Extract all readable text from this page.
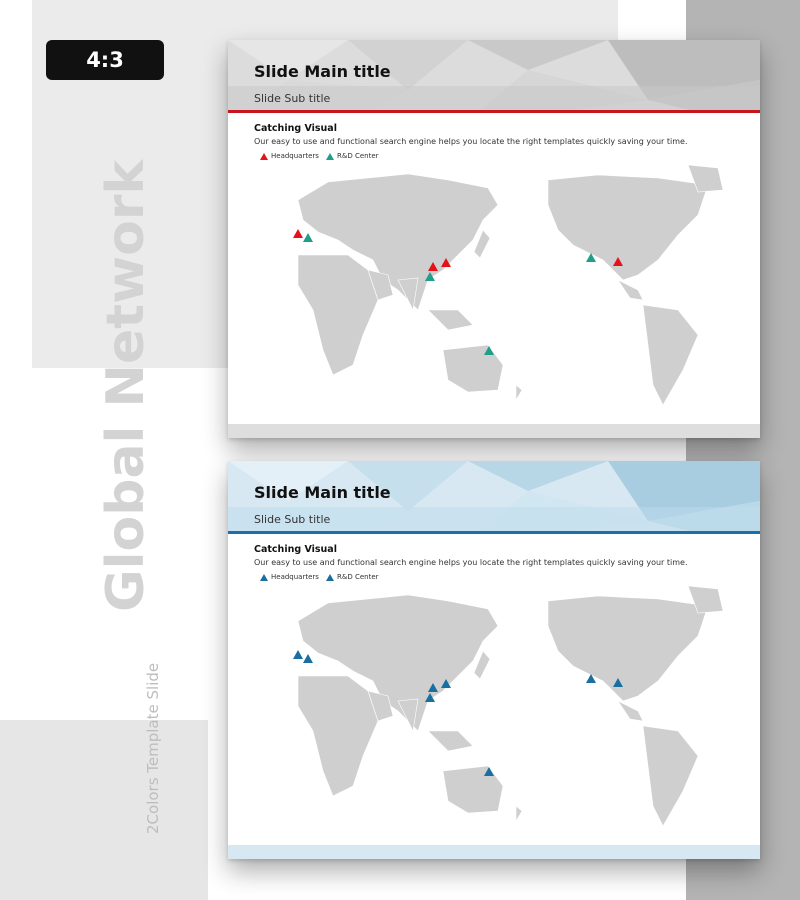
4:3
Global Network
2Colors Template Slide
Slide Main title
Slide Sub title
Catching Visual
Our easy to use and functional search engine helps you locate the right templates quickly saving your time.
Headquarters	R&D Center
Slide Main title
Slide Sub title
Catching Visual
Our easy to use and functional search engine helps you locate the right templates quickly saving your time.
Headquarters	R&D Center
